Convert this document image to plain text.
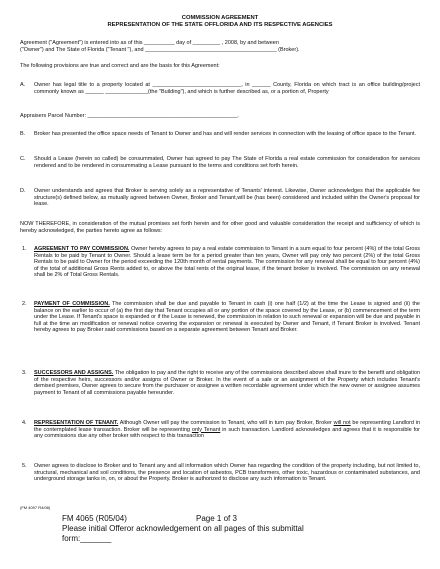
COMMISSION AGREEMENT
REPRESENTATION OF THE STATE OFFLORIDA AND ITS RESPECTIVE AGENCIES
Agreement ("Agreement") is entered into as of this __________ day of _________ , 2008, by and between
("Owner") and The State of Florida ("Tenant "), and ___________________________________________ (Broker).
The following provisions are true and correct and are the basis for this Agreement:
A. Owner has legal title to a property located at _____________________________, in ______ County, Florida on which tract is an office building/project commonly known as ______ ______________(the "Building"), and which is further described as, or a portion of, Property
Appraisers Parcel Number: _________________________________________________.
B. Broker has presented the office space needs of Tenant to Owner and has and will render services in connection with the leasing of office space to the Tenant.
C. Should a Lease (herein so called) be consummated, Owner has agreed to pay The State of Florida a real estate commission for consideration for services rendered and to be rendered in consummating a Lease pursuant to the terms and conditions set forth herein.
D. Owner understands and agrees that Broker is serving solely as a representative of Tenants' interest. Likewise, Owner acknowledges that the applicable fee structure(s) defined below, as mutually agreed between Owner, Broker and Tenant,will be (has been) considered and included within the Owner's proposal for lease.
NOW THEREFORE, in consideration of the mutual promises set forth herein and for other good and valuable consideration the receipt and sufficiency of which is hereby acknowledged, the parties hereto agree as follows:
1. AGREEMENT TO PAY COMMISSION. Owner hereby agrees to pay a real estate commission to Tenant in a sum equal to four percent (4%) of the total Gross Rentals to be paid by Tenant to Owner. Should a lease term be for a period greater than ten years, Owner will pay only two percent (2%) of the total Gross Rentals to be paid to Owner for the period exceeding the 120th month of rental payments. The commission for any renewal shall be equal to four percent (4%) of the total of additional Gross Rents added to, or above the total rents of the original lease, if the tenant broker is involved. The commission on any renewal shall be 2% of Total Gross Rentals.
2. PAYMENT OF COMMISSION. The commission shall be due and payable to Tenant in cash (i) one half (1/2) at the time the Lease is signed and (ii) the balance on the earlier to occur of (a) the first day that Tenant occupies all or any portion of the space covered by the Lease, or (b) commencement of the term under the Lease. If Tenant's space is expanded or if the Lease is renewed, the commission in relation to such renewal or expansion will be due and payable in full at the time an modification or renewal notice covering the expansion or renewal is executed by Owner and Tenant, if Tenant Broker is involved. Tenant hereby agrees to pay Broker said commissions based on a separate agreement between Tenant and Broker.
3. SUCCESSORS AND ASSIGNS. The obligation to pay and the right to receive any of the commissions described above shall inure to the benefit and obligation of the respective heirs, successors and/or assigns of Owner or Broker. In the event of a sale or an assignment of the Property which includes Tenant's demised premises, Owner agrees to secure from the purchaser or assignee a written recordable agreement under which the new owner or assignee assumes payment to Tenant of all commissions payable hereunder.
4. REPRESENTATION OF TENANT. Although Owner will pay the commission to Tenant, who will in turn pay Broker, Broker will not be representing Landlord in the contemplated lease transaction. Broker will be representing only Tenant in such transaction. Landlord acknowledges and agrees that it is responsible for any commissions due any other broker with respect to this transaction
5. Owner agrees to disclose to Broker and to Tenant any and all information which Owner has regarding the condition of the property including, but not limited to, structural, mechanical and soil conditions, the presence and location of asbestos, PCB transformers, other toxic, hazardous or contaminated substances, and underground storage tanks in, on, or about the Property. Broker is authorized to disclose any such information to Tenant.
(FM 4097 R4/08)
FM 4065 (R05/04)	Page 1 of 3
Please initial Offeror acknowledgement on all pages of this submittal
form:_______
